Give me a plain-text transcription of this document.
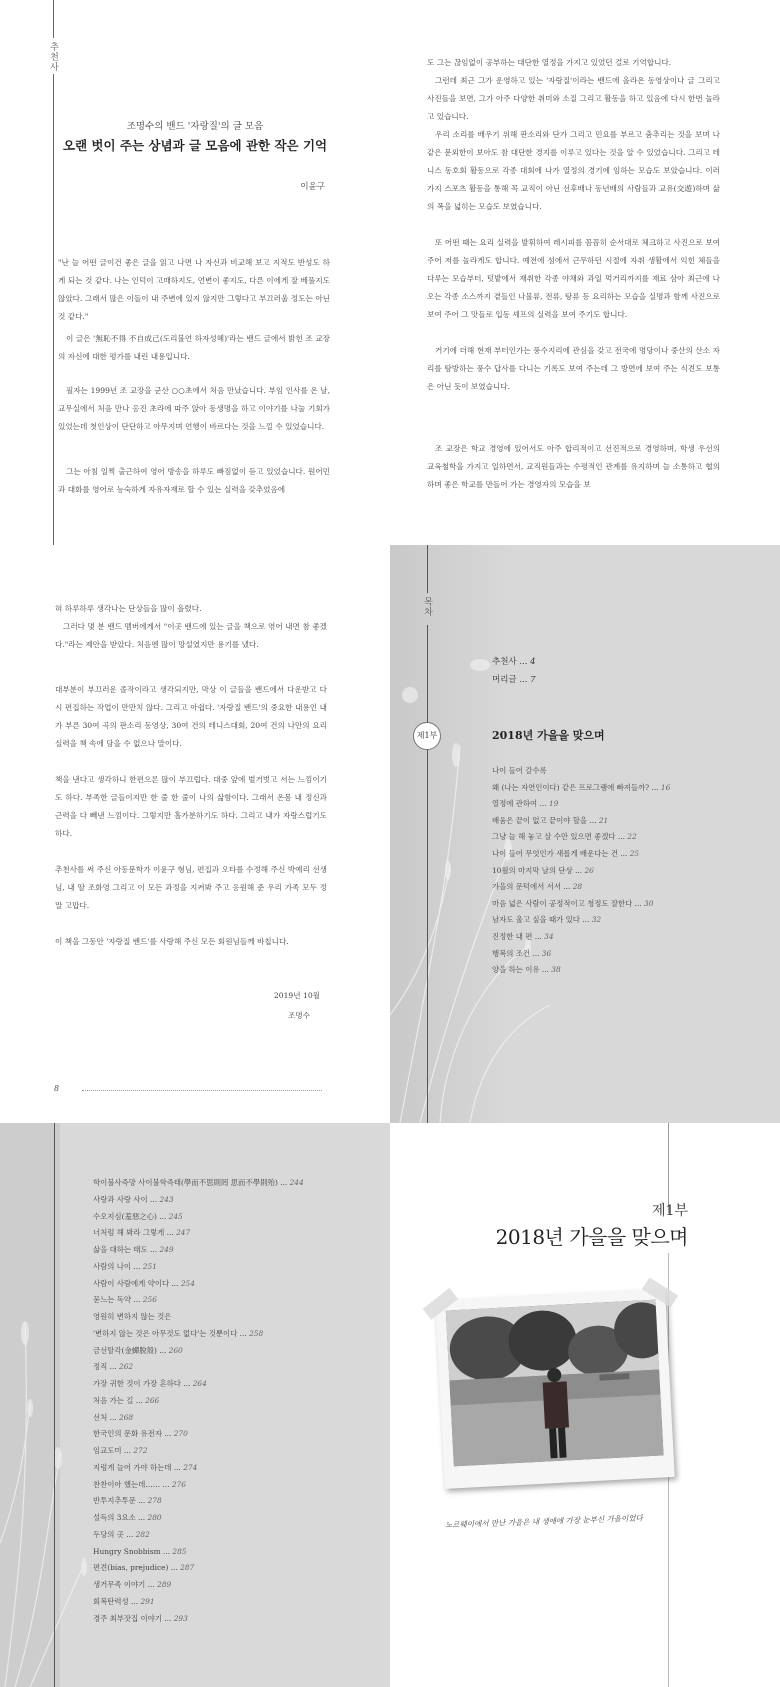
추천사
조명수의 밴드 '자랑질'의 글 모음
오랜 벗이 주는 상념과 글 모음에 관한 작은 기억
이윤구

"난 늘 어떤 글이건 좋은 글을 읽고 나면 나 자신과 비교해 보고 지적도 반성도 하게 되는 것 같다. 나는 인덕이 고매하지도, 언변이 좋지도, 다른 이에게 잘 베풀지도 않았다. 그래서 많은 이들이 내 주변에 있지 않지만 그렇다고 부끄러울 정도는 아닌 것 같다."

이 글은 '無恥不得 不自成己(도리불언 하자성혜)'라는 밴드 글에서 밝힌 조 교장의 자신에 대한 평가를 내린 내용입니다.

필자는 1999년 조 교장을 군산 ○○초에서 처음 만났습니다. 부임 인사를 온 날, 교무실에서 처음 만나 옹진 초라에 따주 앉아 동생명을 하고 이야기를 나눌 기회가 있었는데 첫인상이 단단하고 아무지며 언행이 바르다는 것을 느낄 수 있었습니다.

그는 아침 일찍 출근하여 영어 방송을 하루도 빠짐없이 듣고 있었습니다. 원어민과 대화를 영어로 능숙하게 자유자재로 할 수 있는 실력을 갖추었음에

도 그는 끊임없이 공부하는 대단한 열정을 가지고 있었던 걸로 기억합니다.

그런데 최근 그가 운영하고 있는 '자랑질'이라는 밴드에 올라온 동영상이나 글 그리고 사진들을 보면, 그가 아주 다양한 취미와 소질 그리고 활동을 하고 있음에 다시 한번 놀라고 있습니다.

우리 소리를 배우기 위해 판소리와 단가 그리고 민요를 부르고 춤추리는 것을 보며 나 같은 문외한이 보아도 참 대단한 경지를 이루고 있다는 것을 알 수 있었습니다. 그리고 테니스 동호회 활동으로 각종 대회에 나가 열정의 경기에 임하는 모습도 보았습니다. 이러 가지 스포츠 활동을 통해 꼭 교직이 아닌 선후배나 동년배의 사람들과 교유(交遊)하며 삶의 폭을 넓히는 모습도 보였습니다.

또 어떤 때는 요리 실력을 발휘하여 레시피를 꼼꼼히 순서대로 체크하고 사진으로 보여 주어 저를 놀라게도 합니다. 예전에 섬에서 근무하던 시절에 자취 생활에서 익힌 체들을 다루는 모습부터, 텃밭에서 재취한 각종 야채와 과일 먹거리까지를 재료 삼아 최근에 나오는 각종 소스까지 곁들인 나물류, 전류, 탕류 등 요리하는 모습을 실명과 함께 사진으로 보여 주어 그 맛들로 입동 셰프의 실력을 보여 주기도 합니다.

거기에 더해 현재 부터인가는 풍수지리에 관심을 갖고 전국에 명당이나 중산의 산소 자리를 탐방하는 풍수 답사를 다니는 기록도 보여 주는데 그 방면에 보여 주는 식견도 보통은 아닌 듯이 보였습니다.

조 교장은 학교 경영에 있어서도 아주 합리적이고 선진적으로 경영하며, 학생 우선의 교육철학을 가지고 일하면서, 교직원들과는 수평적인 관계를 유지하며 늘 소통하고 협의하며 좋은 학교를 만들어 가는 경영자의 모습을 보

혀 하루하루 생각나는 단상들을 많이 올렸다.

그러다 몇 분 밴드 멤버에게서 "이곳 밴드에 있는 글을 책으로 엮어 내면 참 좋겠다."라는 제안을 받았다. 처음엔 많이 망설였지만 용기를 냈다.

대부분이 부끄러운 졸작이라고 생각되지만, 막상 이 글들을 밴드에서 다운받고 다시 편집하는 작업이 만만치 않다. 그리고 아쉽다. '자랑질 밴드'의 중요한 내용인 내가 부른 30여 곡의 판소리 동영상, 30여 건의 테니스대회, 20여 건의 나만의 요리 실력을 책 속에 담을 수 없으나 말이다.

책을 낸다고 생각하니 한편으론 많이 부끄럽다. 대중 앞에 벌거벗고 서는 느낌이기도 하다. 부족한 글들이지만 한 줄 한 줄이 나의 삶함이다. 그래서 온몸 내 정신과 근력을 다 빼낸 느낌이다. 그렇지만 홀가분하기도 하다. 그리고 내가 자랑스럽기도 하다.

추천사를 써 주신 아동문학가 이윤구 형님, 편집과 오타를 수정해 주신 박예리 선생님, 내 딸 조화영 그리고 이 모든 과정을 지켜봐 주고 응원해 준 우리 가족 모두 정말 고맙다.

이 책을 그동안 '자랑질 밴드'를 사랑해 주신 모든 회원님들께 바칩니다.

2019년 10월
조명수
8
목차
추천사 ... 4
머리글 ... 7
제1부	2018년 가을을 맞으며
나이 들어 갈수록
왜 (나는 자연인이다) 같은 프로그램에 빠져들까? ... 16
열정에 관하여 ... 19
배움은 끝이 없고 끝이야 할을 ... 21
그냥 늘 해 놓고 살 수만 있으면 좋겠다 ... 22
나이 들어 무엇인가 새롭게 배운다는 건 ... 25
10월의 마지막 날의 단상 ... 26
가을의 문턱에서 서서 ... 28
마음 넓은 사람이 공정적이고 청정도 잘한다 ... 30
남자도 울고 싶을 때가 있다 ... 32
진정한 내 편 ... 34
행복의 조건 ... 36
양을 하는 이유 ... 38
학이불사즉망 사이불학즉태(學而不思則罔 思而不學則殆) ... 244
사랑과 사랑 사이 ... 243
수오지심(羞惡之心) ... 245
너처럼 해 봐라 그렇게 ... 247
삶을 대하는 태도 ... 249
사람의 나이 ... 251
사람이 사람에게 약이다 ... 254
묻느는 독약 ... 256
영원히 변하지 않는 것은
'변하지 않는 것은 아무것도 없다'는 것뿐이다 ... 258
금선탈각(金蟬脫殼) ... 260
정직 ... 262
가장 귀한 것이 가장 흔하다 ... 264
처음 가는 길 ... 266
선처 ... 268
한국인의 문화 유전자 ... 270
임교도미 ... 272
지렁게 늘어 가야 하는데 ... 274
찬찬이아 했는데…… ... 276
반투지추투문 ... 278
설득의 3요소 ... 280
두당의 곳 ... 282
Hungry Snobbism ... 285
편견(bias, prejudice) ... 287
생거무족 이야기 ... 289
회복탄력성 ... 291
경주 최부잣집 이야기 ... 293
제1부
2018년 가을을 맞으며
노르웨이에서 만난 가을은 내 생애에 가장 눈부신 가을이었다
